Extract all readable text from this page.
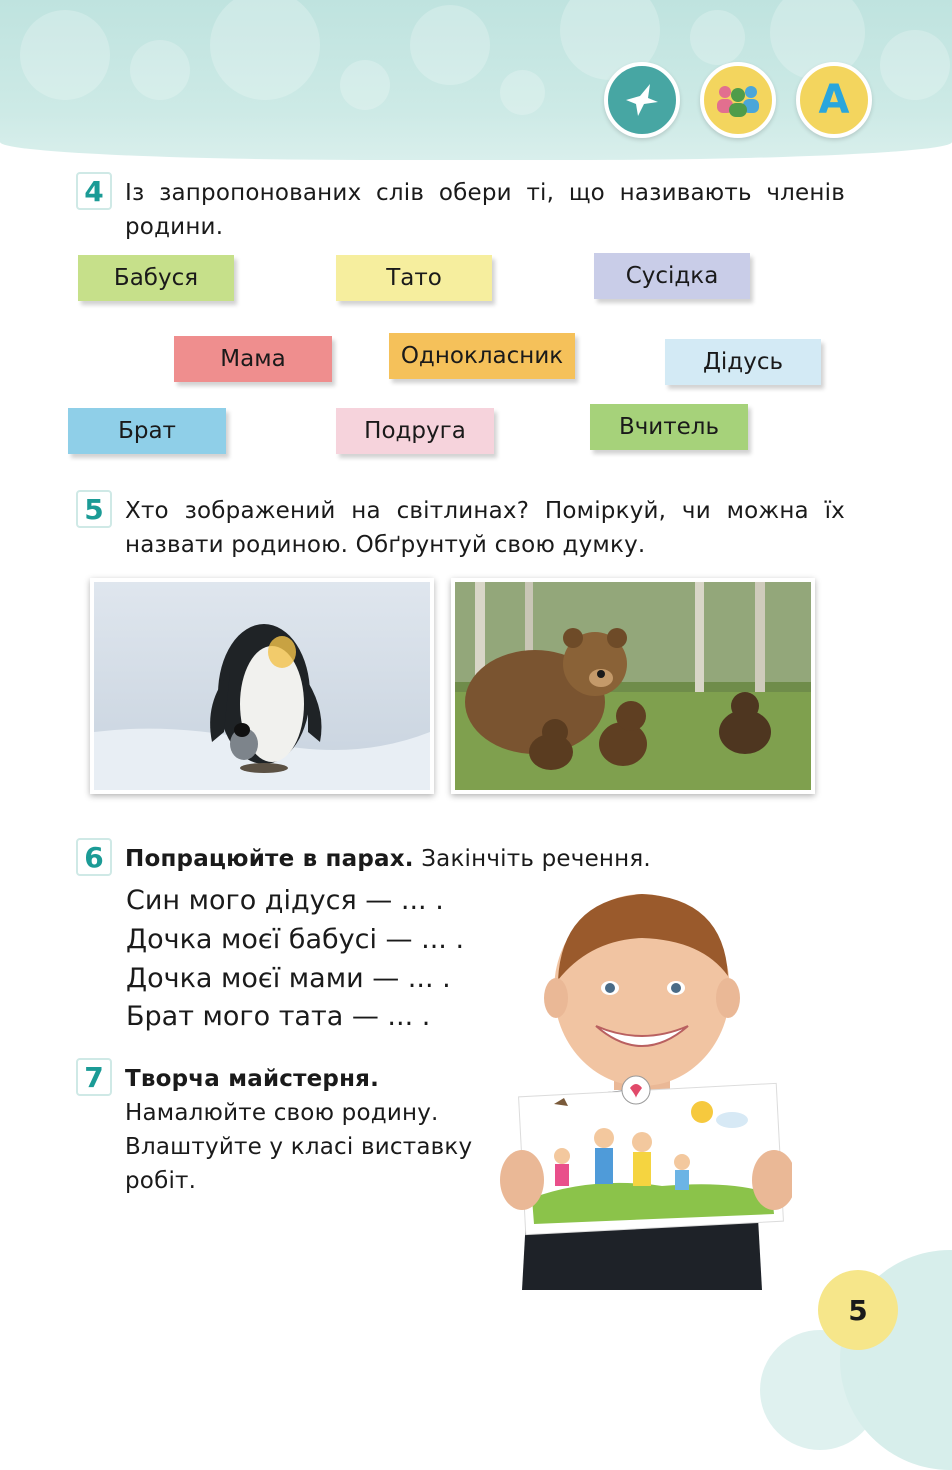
А
4 Із запропонованих слів обери ті, що називають членів родини.
Бабуся	Тато	Сусідка
Мама	Однокласник	Дідусь
Брат	Подруга	Вчитель
5 Хто зображений на світлинах? Поміркуй, чи можна їх назвати родиною. Обґрунтуй свою думку.
6 Попрацюйте в парах. Закінчіть речення.
Син мого дідуся — ... .
Дочка моєї бабусі — ... .
Дочка моєї мами — ... .
Брат мого тата — ... .
7 Творча майстерня.
Намалюйте свою родину.
Влаштуйте у класі виставку
робіт.
5
